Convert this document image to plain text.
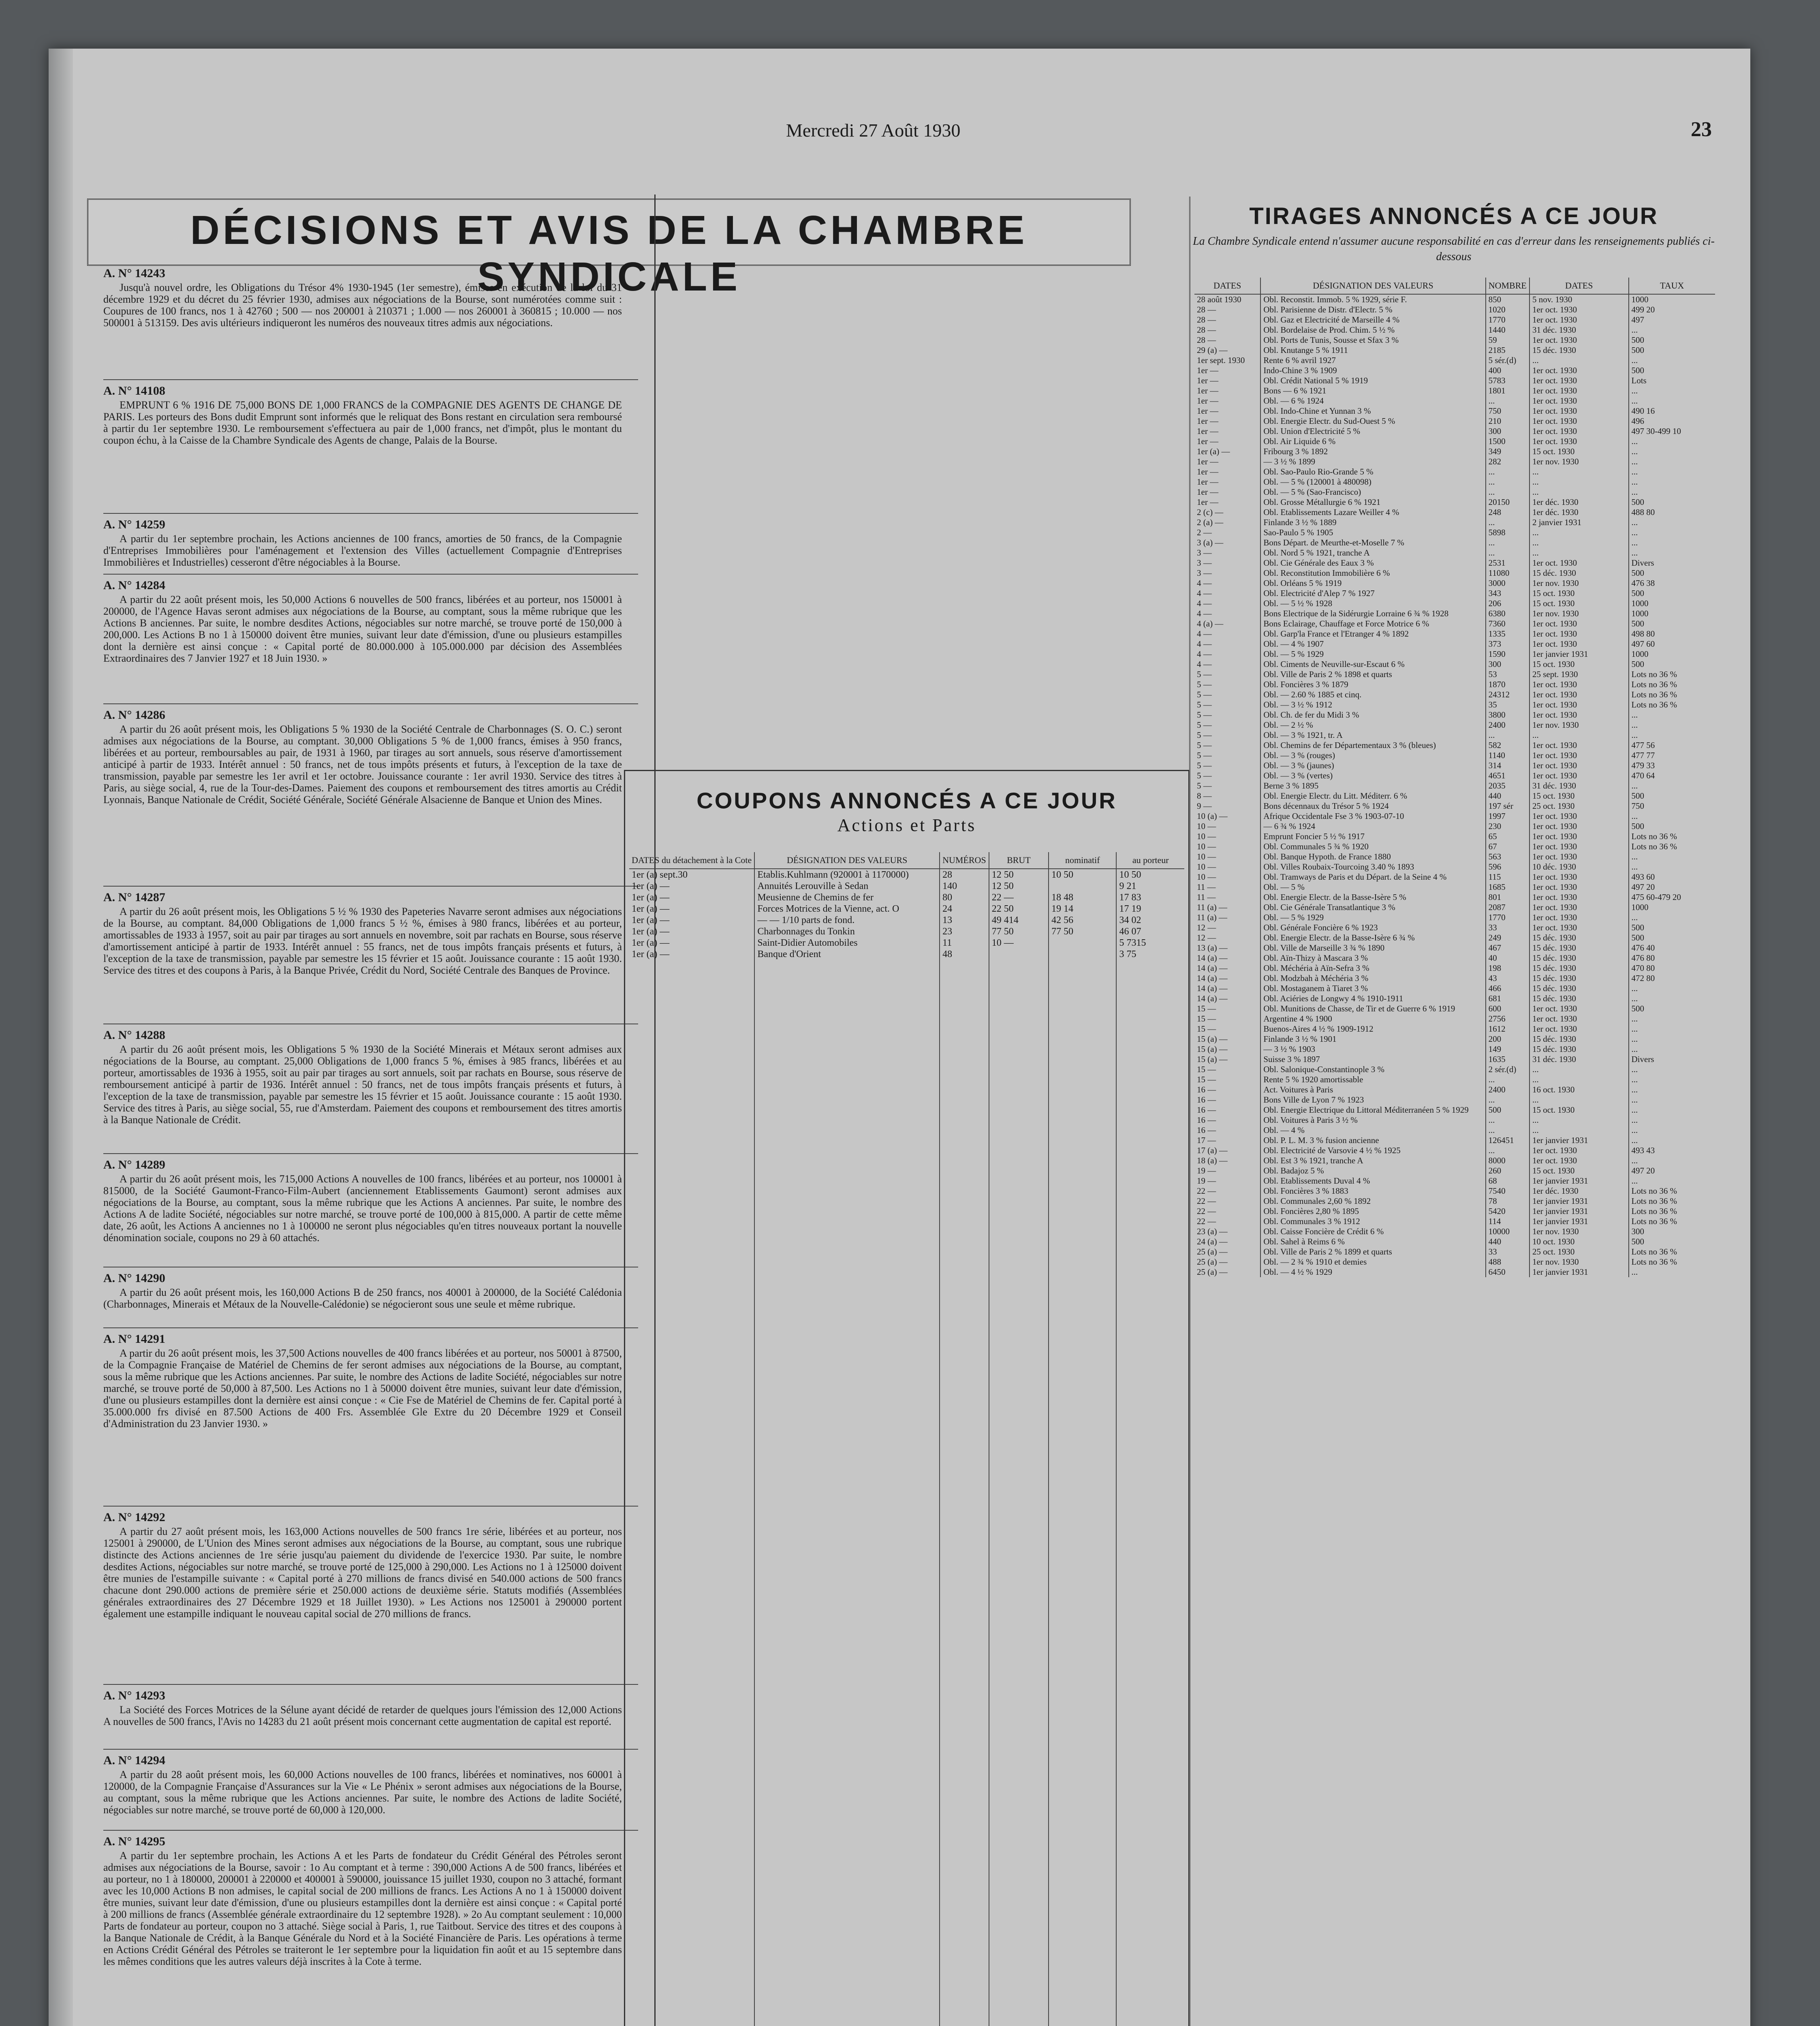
Mercredi 27 Août 1930	23
DÉCISIONS ET AVIS DE LA CHAMBRE SYNDICALE
A. N° 14243

Jusqu'à nouvel ordre, les Obligations du Trésor 4% 1930-1945 (1er semestre), émises en exécution de la loi du 31 décembre 1929 et du décret du 25 février 1930, admises aux négociations de la Bourse, sont numérotées comme suit : Coupures de 100 francs, nos 1 à 42760 ; 500 — nos 200001 à 210371 ; 1.000 — nos 260001 à 360815 ; 10.000 — nos 500001 à 513159. Des avis ultérieurs indiqueront les numéros des nouveaux titres admis aux négociations.

A. N° 14108

EMPRUNT 6 % 1916 DE 75,000 BONS DE 1,000 FRANCS de la COMPAGNIE DES AGENTS DE CHANGE DE PARIS. Les porteurs des Bons dudit Emprunt sont informés que le reliquat des Bons restant en circulation sera remboursé à partir du 1er septembre 1930. Le remboursement s'effectuera au pair de 1,000 francs, net d'impôt, plus le montant du coupon échu, à la Caisse de la Chambre Syndicale des Agents de change, Palais de la Bourse.

A. N° 14259

A partir du 1er septembre prochain, les Actions anciennes de 100 francs, amorties de 50 francs, de la Compagnie d'Entreprises Immobilières pour l'aménagement et l'extension des Villes (actuellement Compagnie d'Entreprises Immobilières et Industrielles) cesseront d'être négociables à la Bourse.

A. N° 14284

A partir du 22 août présent mois, les 50,000 Actions 6 nouvelles de 500 francs, libérées et au porteur, nos 150001 à 200000, de l'Agence Havas seront admises aux négociations de la Bourse, au comptant, sous la même rubrique que les Actions B anciennes. Par suite, le nombre desdites Actions, négociables sur notre marché, se trouve porté de 150,000 à 200,000. Les Actions B no 1 à 150000 doivent être munies, suivant leur date d'émission, d'une ou plusieurs estampilles dont la dernière est ainsi conçue : « Capital porté de 80.000.000 à 105.000.000 par décision des Assemblées Extraordinaires des 7 Janvier 1927 et 18 Juin 1930. »

A. N° 14286

A partir du 26 août présent mois, les Obligations 5 % 1930 de la Société Centrale de Charbonnages (S. O. C.) seront admises aux négociations de la Bourse, au comptant. 30,000 Obligations 5 % de 1,000 francs, émises à 950 francs, libérées et au porteur, remboursables au pair, de 1931 à 1960, par tirages au sort annuels, sous réserve d'amortissement anticipé à partir de 1933. Intérêt annuel : 50 francs, net de tous impôts présents et futurs, à l'exception de la taxe de transmission, payable par semestre les 1er avril et 1er octobre. Jouissance courante : 1er avril 1930. Service des titres à Paris, au siège social, 4, rue de la Tour-des-Dames. Paiement des coupons et remboursement des titres amortis au Crédit Lyonnais, Banque Nationale de Crédit, Société Générale, Société Générale Alsacienne de Banque et Union des Mines.

A. N° 14287

A partir du 26 août présent mois, les Obligations 5 ½ % 1930 des Papeteries Navarre seront admises aux négociations de la Bourse, au comptant. 84,000 Obligations de 1,000 francs 5 ½ %, émises à 980 francs, libérées et au porteur, amortissables de 1933 à 1957, soit au pair par tirages au sort annuels en novembre, soit par rachats en Bourse, sous réserve d'amortissement anticipé à partir de 1933. Intérêt annuel : 55 francs, net de tous impôts français présents et futurs, à l'exception de la taxe de transmission, payable par semestre les 15 février et 15 août. Jouissance courante : 15 août 1930. Service des titres et des coupons à Paris, à la Banque Privée, Crédit du Nord, Société Centrale des Banques de Province.

A. N° 14288

A partir du 26 août présent mois, les Obligations 5 % 1930 de la Société Minerais et Métaux seront admises aux négociations de la Bourse, au comptant. 25,000 Obligations de 1,000 francs 5 %, émises à 985 francs, libérées et au porteur, amortissables de 1936 à 1955, soit au pair par tirages au sort annuels, soit par rachats en Bourse, sous réserve de remboursement anticipé à partir de 1936. Intérêt annuel : 50 francs, net de tous impôts français présents et futurs, à l'exception de la taxe de transmission, payable par semestre les 15 février et 15 août. Jouissance courante : 15 août 1930. Service des titres à Paris, au siège social, 55, rue d'Amsterdam. Paiement des coupons et remboursement des titres amortis à la Banque Nationale de Crédit.

A. N° 14289

A partir du 26 août présent mois, les 715,000 Actions A nouvelles de 100 francs, libérées et au porteur, nos 100001 à 815000, de la Société Gaumont-Franco-Film-Aubert (anciennement Etablissements Gaumont) seront admises aux négociations de la Bourse, au comptant, sous la même rubrique que les Actions A anciennes. Par suite, le nombre des Actions A de ladite Société, négociables sur notre marché, se trouve porté de 100,000 à 815,000. A partir de cette même date, 26 août, les Actions A anciennes no 1 à 100000 ne seront plus négociables qu'en titres nouveaux portant la nouvelle dénomination sociale, coupons no 29 à 60 attachés.

A. N° 14290

A partir du 26 août présent mois, les 160,000 Actions B de 250 francs, nos 40001 à 200000, de la Société Calédonia (Charbonnages, Minerais et Métaux de la Nouvelle-Calédonie) se négocieront sous une seule et même rubrique.

A. N° 14291

A partir du 26 août présent mois, les 37,500 Actions nouvelles de 400 francs libérées et au porteur, nos 50001 à 87500, de la Compagnie Française de Matériel de Chemins de fer seront admises aux négociations de la Bourse, au comptant, sous la même rubrique que les Actions anciennes. Par suite, le nombre des Actions de ladite Société, négociables sur notre marché, se trouve porté de 50,000 à 87,500. Les Actions no 1 à 50000 doivent être munies, suivant leur date d'émission, d'une ou plusieurs estampilles dont la dernière est ainsi conçue : « Cie Fse de Matériel de Chemins de fer. Capital porté à 35.000.000 frs divisé en 87.500 Actions de 400 Frs. Assemblée Gle Extre du 20 Décembre 1929 et Conseil d'Administration du 23 Janvier 1930. »

A. N° 14292

A partir du 27 août présent mois, les 163,000 Actions nouvelles de 500 francs 1re série, libérées et au porteur, nos 125001 à 290000, de L'Union des Mines seront admises aux négociations de la Bourse, au comptant, sous une rubrique distincte des Actions anciennes de 1re série jusqu'au paiement du dividende de l'exercice 1930. Par suite, le nombre desdites Actions, négociables sur notre marché, se trouve porté de 125,000 à 290,000. Les Actions no 1 à 125000 doivent être munies de l'estampille suivante : « Capital porté à 270 millions de francs divisé en 540.000 actions de 500 francs chacune dont 290.000 actions de première série et 250.000 actions de deuxième série. Statuts modifiés (Assemblées générales extraordinaires des 27 Décembre 1929 et 18 Juillet 1930). » Les Actions nos 125001 à 290000 portent également une estampille indiquant le nouveau capital social de 270 millions de francs.

A. N° 14293

La Société des Forces Motrices de la Sélune ayant décidé de retarder de quelques jours l'émission des 12,000 Actions A nouvelles de 500 francs, l'Avis no 14283 du 21 août présent mois concernant cette augmentation de capital est reporté.

A. N° 14294

A partir du 28 août présent mois, les 60,000 Actions nouvelles de 100 francs, libérées et nominatives, nos 60001 à 120000, de la Compagnie Française d'Assurances sur la Vie « Le Phénix » seront admises aux négociations de la Bourse, au comptant, sous la même rubrique que les Actions anciennes. Par suite, le nombre des Actions de ladite Société, négociables sur notre marché, se trouve porté de 60,000 à 120,000.

A. N° 14295

A partir du 1er septembre prochain, les Actions A et les Parts de fondateur du Crédit Général des Pétroles seront admises aux négociations de la Bourse, savoir : 1o Au comptant et à terme : 390,000 Actions A de 500 francs, libérées et au porteur, no 1 à 180000, 200001 à 220000 et 400001 à 590000, jouissance 15 juillet 1930, coupon no 3 attaché, formant avec les 10,000 Actions B non admises, le capital social de 200 millions de francs. Les Actions A no 1 à 150000 doivent être munies, suivant leur date d'émission, d'une ou plusieurs estampilles dont la dernière est ainsi conçue : « Capital porté à 200 millions de francs (Assemblée générale extraordinaire du 12 septembre 1928). » 2o Au comptant seulement : 10,000 Parts de fondateur au porteur, coupon no 3 attaché. Siège social à Paris, 1, rue Taitbout. Service des titres et des coupons à la Banque Nationale de Crédit, à la Banque Générale du Nord et à la Société Financière de Paris. Les opérations à terme en Actions Crédit Général des Pétroles se traiteront le 1er septembre pour la liquidation fin août et au 15 septembre dans les mêmes conditions que les autres valeurs déjà inscrites à la Cote à terme.

COUPONS ANNONCÉS A CE JOUR
Actions et Parts
DATES du détachement à la Cote	DÉSIGNATION DES VALEURS	NUMÉROS	BRUT	nominatif	au porteur
1er (a) sept.30	Etablis.Kuhlmann (920001 à 1170000)	28	12 50	10 50	10 50
1er (a) —	Annuités Lerouville à Sedan	140	12 50		9 21
1er (a) —	Meusienne de Chemins de fer	80	22 —	18 48	17 83
1er (a) —	Forces Motrices de la Vienne, act. O	24	22 50	19 14	17 19
1er (a) —	— — 1/10 parts de fond.	13	49 414	42 56	34 02
1er (a) —	Charbonnages du Tonkin	23	77 50	77 50	46 07
1er (a) —	Saint-Didier Automobiles	11	10 —		5 7315
1er (a) —	Banque d'Orient	48			3 75

TIRAGES ANNONCÉS A CE JOUR
La Chambre Syndicale entend n'assumer aucune responsabilité en cas d'erreur dans les renseignements publiés ci-dessous
DATES	DÉSIGNATION DES VALEURS	NOMBRE	DATES	TAUX
28 août 1930	Obl. Reconstit. Immob. 5 % 1929, série F.	850	5 nov. 1930	1000
28 —	Obl. Parisienne de Distr. d'Electr. 5 %	1020	1er oct. 1930	499 20
28 —	Obl. Gaz et Electricité de Marseille 4 %	1770	1er oct. 1930	497
28 —	Obl. Bordelaise de Prod. Chim. 5 ½ %	1440	31 déc. 1930	...
28 —	Obl. Ports de Tunis, Sousse et Sfax 3 %	59	1er oct. 1930	500
29 (a) —	Obl. Knutange 5 % 1911	2185	15 déc. 1930	500
1er sept. 1930	Rente 6 % avril 1927	5 sér.(d)	...	...
1er —	Indo-Chine 3 % 1909	400	1er oct. 1930	500
1er —	Obl. Crédit National 5 % 1919	5783	1er oct. 1930	Lots
1er —	Bons — 6 % 1921	1801	1er oct. 1930	...
1er —	Obl. — 6 % 1924	...	1er oct. 1930	...
1er —	Obl. Indo-Chine et Yunnan 3 %	750	1er oct. 1930	490 16
1er —	Obl. Energie Electr. du Sud-Ouest 5 %	210	1er oct. 1930	496
1er —	Obl. Union d'Electricité 5 %	300	1er oct. 1930	497 30-499 10
1er —	Obl. Air Liquide 6 %	1500	1er oct. 1930	...
1er (a) —	Fribourg 3 % 1892	349	15 oct. 1930	...
1er —	— 3 ½ % 1899	282	1er nov. 1930	...
1er —	Obl. Sao-Paulo Rio-Grande 5 %	...	...	...
1er —	Obl. — 5 % (120001 à 480098)	...	...	...
1er —	Obl. — 5 % (Sao-Francisco)	...	...	...
1er —	Obl. Grosse Métallurgie 6 % 1921	20150	1er déc. 1930	500
2 (c) —	Obl. Etablissements Lazare Weiller 4 %	248	1er déc. 1930	488 80
2 (a) —	Finlande 3 ½ % 1889	...	2 janvier 1931	...
2 —	Sao-Paulo 5 % 1905	5898	...	...
3 (a) —	Bons Départ. de Meurthe-et-Moselle 7 %	...	...	...
3 —	Obl. Nord 5 % 1921, tranche A	...	...	...
3 —	Obl. Cie Générale des Eaux 3 %	2531	1er oct. 1930	Divers
3 —	Obl. Reconstitution Immobilière 6 %	11080	15 déc. 1930	500
4 —	Obl. Orléans 5 % 1919	3000	1er nov. 1930	476 38
4 —	Obl. Electricité d'Alep 7 % 1927	343	15 oct. 1930	500
4 —	Obl. — 5 ½ % 1928	206	15 oct. 1930	1000
4 —	Bons Electrique de la Sidérurgie Lorraine 6 ¾ % 1928	6380	1er nov. 1930	1000
4 (a) —	Bons Eclairage, Chauffage et Force Motrice 6 %	7360	1er oct. 1930	500
4 —	Obl. Garp'la France et l'Etranger 4 % 1892	1335	1er oct. 1930	498 80
4 —	Obl. — 4 % 1907	373	1er oct. 1930	497 60
4 —	Obl. — 5 % 1929	1590	1er janvier 1931	1000
4 —	Obl. Ciments de Neuville-sur-Escaut 6 %	300	15 oct. 1930	500
5 —	Obl. Ville de Paris 2 % 1898 et quarts	53	25 sept. 1930	Lots no 36 %
5 —	Obl. Foncières 3 % 1879	1870	1er oct. 1930	Lots no 36 %
5 —	Obl. — 2.60 % 1885 et cinq.	24312	1er oct. 1930	Lots no 36 %
5 —	Obl. — 3 ½ % 1912	35	1er oct. 1930	Lots no 36 %
5 —	Obl. Ch. de fer du Midi 3 %	3800	1er oct. 1930	...
5 —	Obl. — 2 ½ %	2400	1er nov. 1930	...
5 —	Obl. — 3 % 1921, tr. A	...	...	...
5 —	Obl. Chemins de fer Départementaux 3 % (bleues)	582	1er oct. 1930	477 56
5 —	Obl. — 3 % (rouges)	1140	1er oct. 1930	477 77
5 —	Obl. — 3 % (jaunes)	314	1er oct. 1930	479 33
5 —	Obl. — 3 % (vertes)	4651	1er oct. 1930	470 64
5 —	Berne 3 % 1895	2035	31 déc. 1930	...
8 —	Obl. Energie Electr. du Litt. Méditerr. 6 %	440	15 oct. 1930	500
9 —	Bons décennaux du Trésor 5 % 1924	197 sér	25 oct. 1930	750
10 (a) —	Afrique Occidentale Fse 3 % 1903-07-10	1997	1er oct. 1930	...
10 —	— 6 ¾ % 1924	230	1er oct. 1930	500
10 —	Emprunt Foncier 5 ½ % 1917	65	1er oct. 1930	Lots no 36 %
10 —	Obl. Communales 5 ¾ % 1920	67	1er oct. 1930	Lots no 36 %
10 —	Obl. Banque Hypoth. de France 1880	563	1er oct. 1930	...
10 —	Obl. Villes Roubaix-Tourcoing 3.40 % 1893	596	10 déc. 1930	...
10 —	Obl. Tramways de Paris et du Départ. de la Seine 4 %	115	1er oct. 1930	493 60
11 —	Obl. — 5 %	1685	1er oct. 1930	497 20
11 —	Obl. Energie Electr. de la Basse-Isère 5 %	801	1er oct. 1930	475 60-479 20
11 (a) —	Obl. Cie Générale Transatlantique 3 %	2087	1er oct. 1930	1000
11 (a) —	Obl. — 5 % 1929	1770	1er oct. 1930	...
12 —	Obl. Générale Foncière 6 % 1923	33	1er oct. 1930	500
12 —	Obl. Energie Electr. de la Basse-Isère 6 ¾ %	249	15 déc. 1930	500
13 (a) —	Obl. Ville de Marseille 3 ¾ % 1890	467	15 déc. 1930	476 40
14 (a) —	Obl. Aïn-Thizy à Mascara 3 %	40	15 déc. 1930	476 80
14 (a) —	Obl. Méchéria à Aïn-Sefra 3 %	198	15 déc. 1930	470 80
14 (a) —	Obl. Modzbah à Méchéria 3 %	43	15 déc. 1930	472 80
14 (a) —	Obl. Mostaganem à Tiaret 3 %	466	15 déc. 1930	...
14 (a) —	Obl. Aciéries de Longwy 4 % 1910-1911	681	15 déc. 1930	...
15 —	Obl. Munitions de Chasse, de Tir et de Guerre 6 % 1919	600	1er oct. 1930	500
15 —	Argentine 4 % 1900	2756	1er oct. 1930	...
15 —	Buenos-Aires 4 ½ % 1909-1912	1612	1er oct. 1930	...
15 (a) —	Finlande 3 ½ % 1901	200	15 déc. 1930	...
15 (a) —	— 3 ½ % 1903	149	15 déc. 1930	...
15 (a) —	Suisse 3 % 1897	1635	31 déc. 1930	Divers
15 —	Obl. Salonique-Constantinople 3 %	2 sér.(d)	...	...
15 —	Rente 5 % 1920 amortissable	...	...	...
16 —	Act. Voitures à Paris	2400	16 oct. 1930	...
16 —	Bons Ville de Lyon 7 % 1923	...	...	...
16 —	Obl. Energie Electrique du Littoral Méditerranéen 5 % 1929	500	15 oct. 1930	...
16 —	Obl. Voitures à Paris 3 ½ %	...	...	...
16 —	Obl. — 4 %	...	...	...
17 —	Obl. P. L. M. 3 % fusion ancienne	126451	1er janvier 1931	...
17 (a) —	Obl. Electricité de Varsovie 4 ½ % 1925	...	1er oct. 1930	493 43
18 (a) —	Obl. Est 3 % 1921, tranche A	8000	1er oct. 1930	...
19 —	Obl. Badajoz 5 %	260	15 oct. 1930	497 20
19 —	Obl. Etablissements Duval 4 %	68	1er janvier 1931	...
22 —	Obl. Foncières 3 % 1883	7540	1er déc. 1930	Lots no 36 %
22 —	Obl. Communales 2,60 % 1892	78	1er janvier 1931	Lots no 36 %
22 —	Obl. Foncières 2,80 % 1895	5420	1er janvier 1931	Lots no 36 %
22 —	Obl. Communales 3 % 1912	114	1er janvier 1931	Lots no 36 %
23 (a) —	Obl. Caisse Foncière de Crédit 6 %	10000	1er nov. 1930	300
24 (a) —	Obl. Sahel à Reims 6 %	440	10 oct. 1930	500
25 (a) —	Obl. Ville de Paris 2 % 1899 et quarts	33	25 oct. 1930	Lots no 36 %
25 (a) —	Obl. — 2 ¾ % 1910 et demies	488	1er nov. 1930	Lots no 36 %
25 (a) —	Obl. — 4 ½ % 1929	6450	1er janvier 1931	...
